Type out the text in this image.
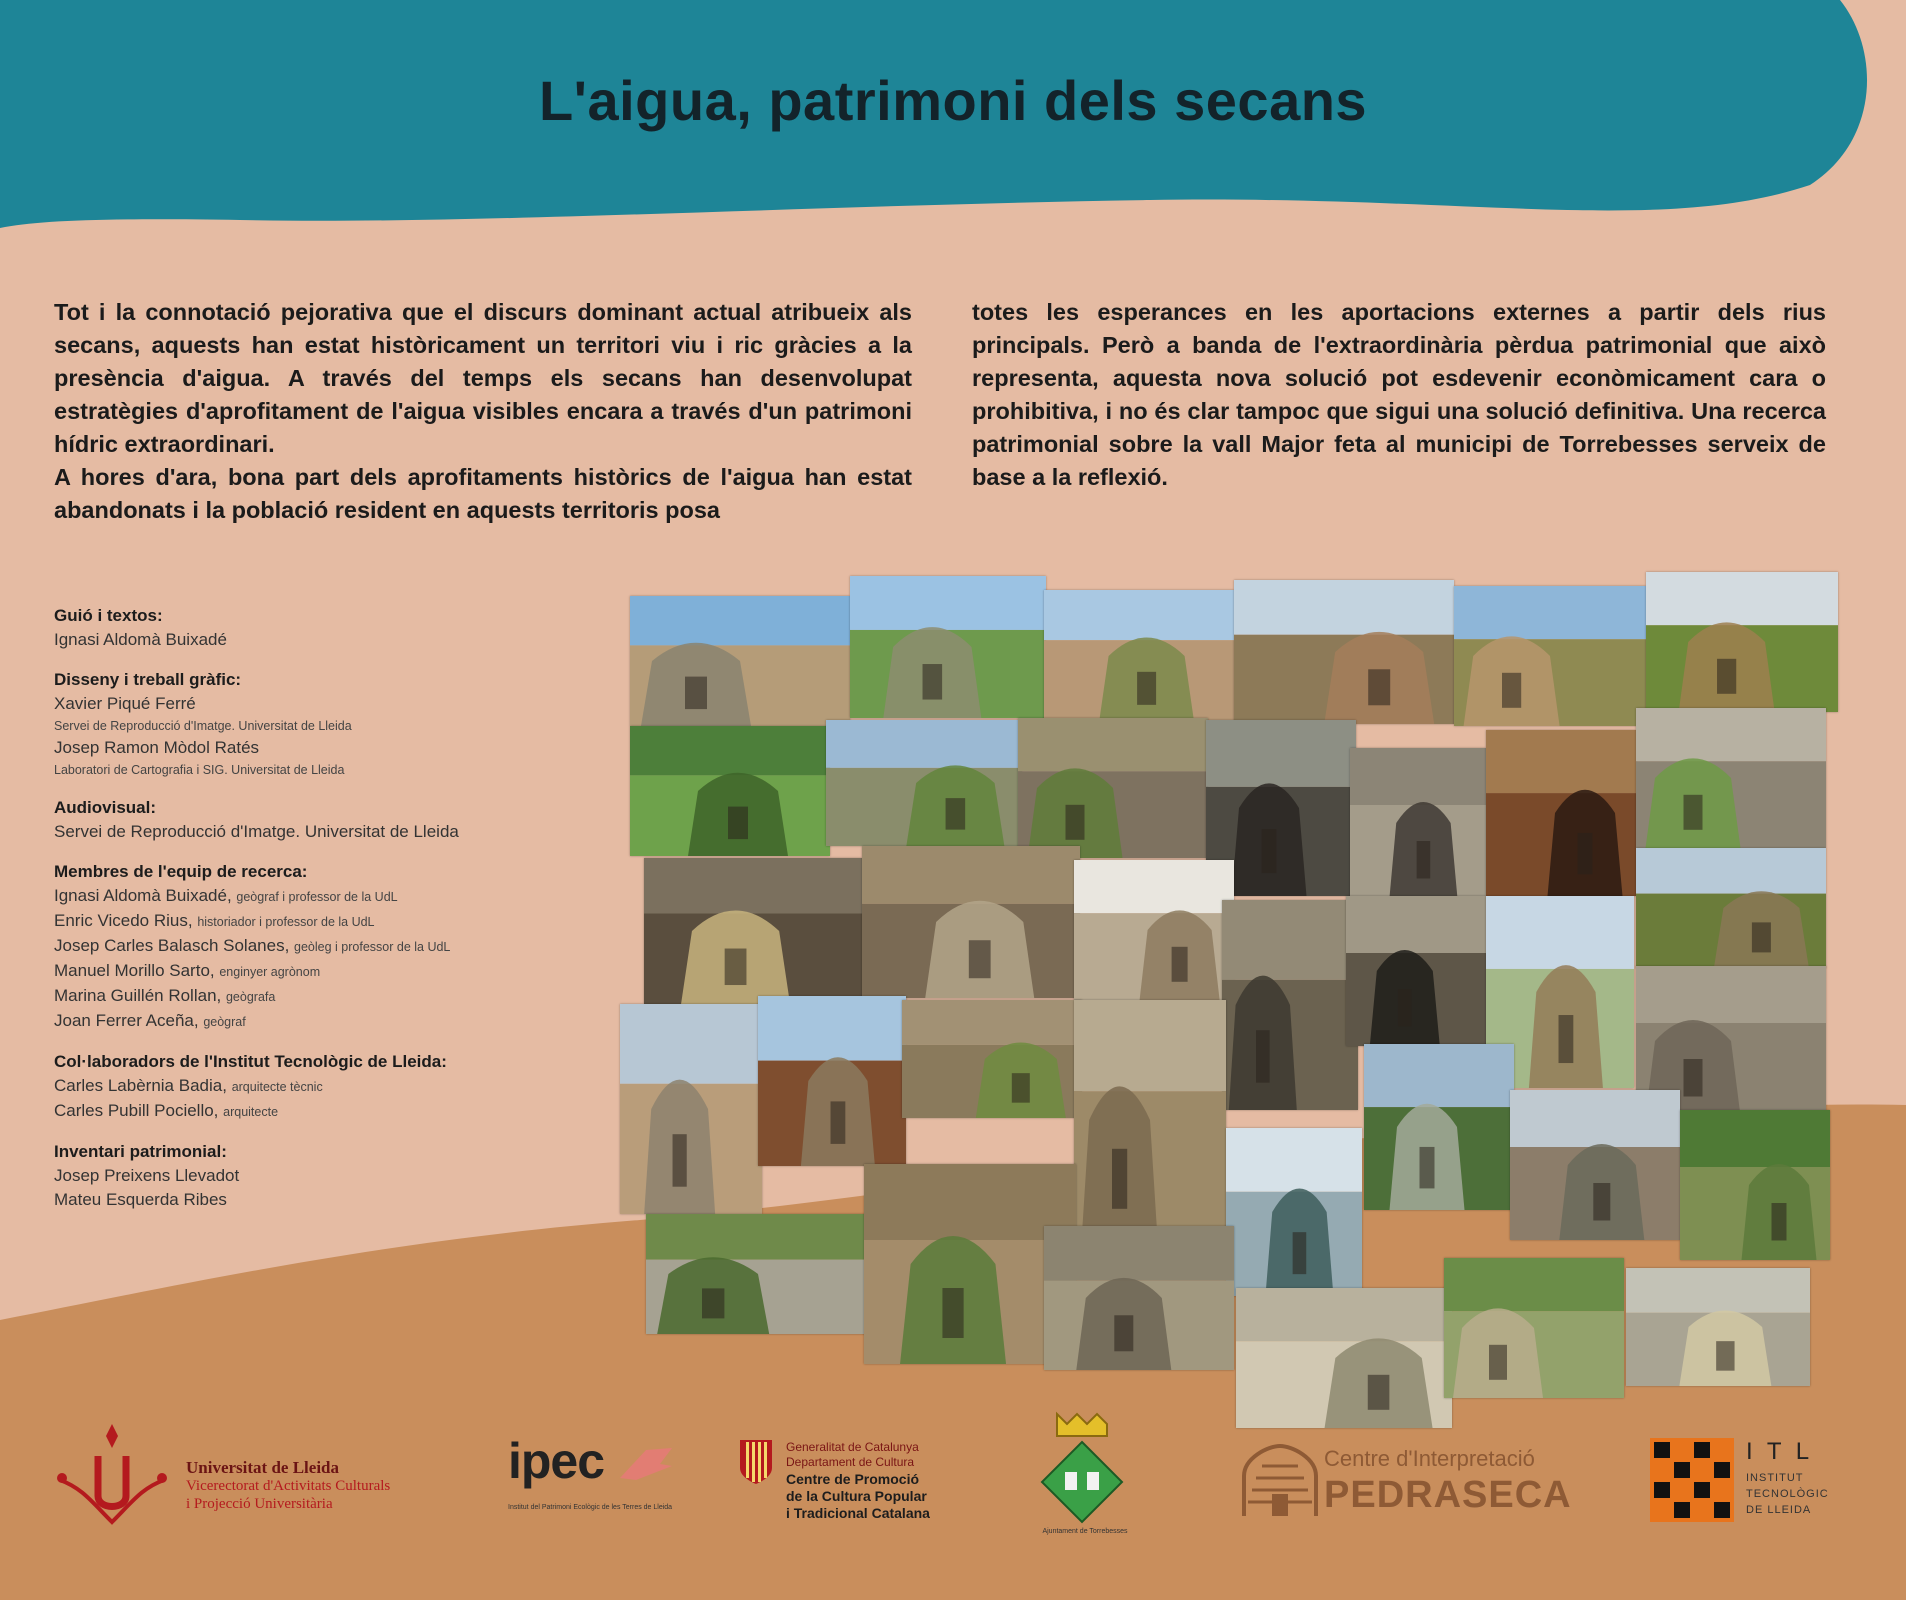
L'aigua, patrimoni dels secans

Tot i la connotació pejorativa que el discurs dominant actual atribueix als secans, aquests han estat històricament un territori viu i ric gràcies a la presència d'aigua. A través del temps els secans han desenvolupat estratègies d'aprofitament de l'aigua visibles encara a través d'un patrimoni hídric extraordinari.

A hores d'ara, bona part dels aprofitaments històrics de l'aigua han estat abandonats i la població resident en aquests territoris posa

totes les esperances en les aportacions externes a partir dels rius principals. Però a banda de l'extraordinària pèrdua patrimonial que això representa, aquesta nova solució pot esdevenir econòmicament cara o prohibitiva, i no és clar tampoc que sigui una solució definitiva. Una recerca patrimonial sobre la vall Major feta al municipi de Torrebesses serveix de base a la reflexió.

Guió i textos:
Ignasi Aldomà Buixadé
Disseny i treball gràfic:
Xavier Piqué Ferré
Servei de Reproducció d'Imatge. Universitat de Lleida
Josep Ramon Mòdol Ratés
Laboratori de Cartografia i SIG. Universitat de Lleida
Audiovisual:
Servei de Reproducció d'Imatge. Universitat de Lleida
Membres de l'equip de recerca:
Ignasi Aldomà Buixadé, geògraf i professor de la UdL
Enric Vicedo Rius, historiador i professor de la UdL
Josep Carles Balasch Solanes, geòleg i professor de la UdL
Manuel Morillo Sarto, enginyer agrònom
Marina Guillén Rollan, geògrafa
Joan Ferrer Aceña, geògraf
Col·laboradors de l'Institut Tecnològic de Lleida:
Carles Labèrnia Badia, arquitecte tècnic
Carles Pubill Pociello, arquitecte
Inventari patrimonial:
Josep Preixens Llevadot
Mateu Esquerda Ribes
Universitat de Lleida
Vicerectorat d'Activitats Culturals
i Projecció Universitària
ipec
Institut del Patrimoni Ecològic de les Terres de Lleida
Generalitat de Catalunya
Departament de Cultura
Centre de Promoció
de la Cultura Popular
i Tradicional Catalana
Ajuntament de Torrebesses
Centre d'Interpretació
PEDRASECA
I T L
INSTITUT
TECNOLÒGIC
DE LLEIDA
